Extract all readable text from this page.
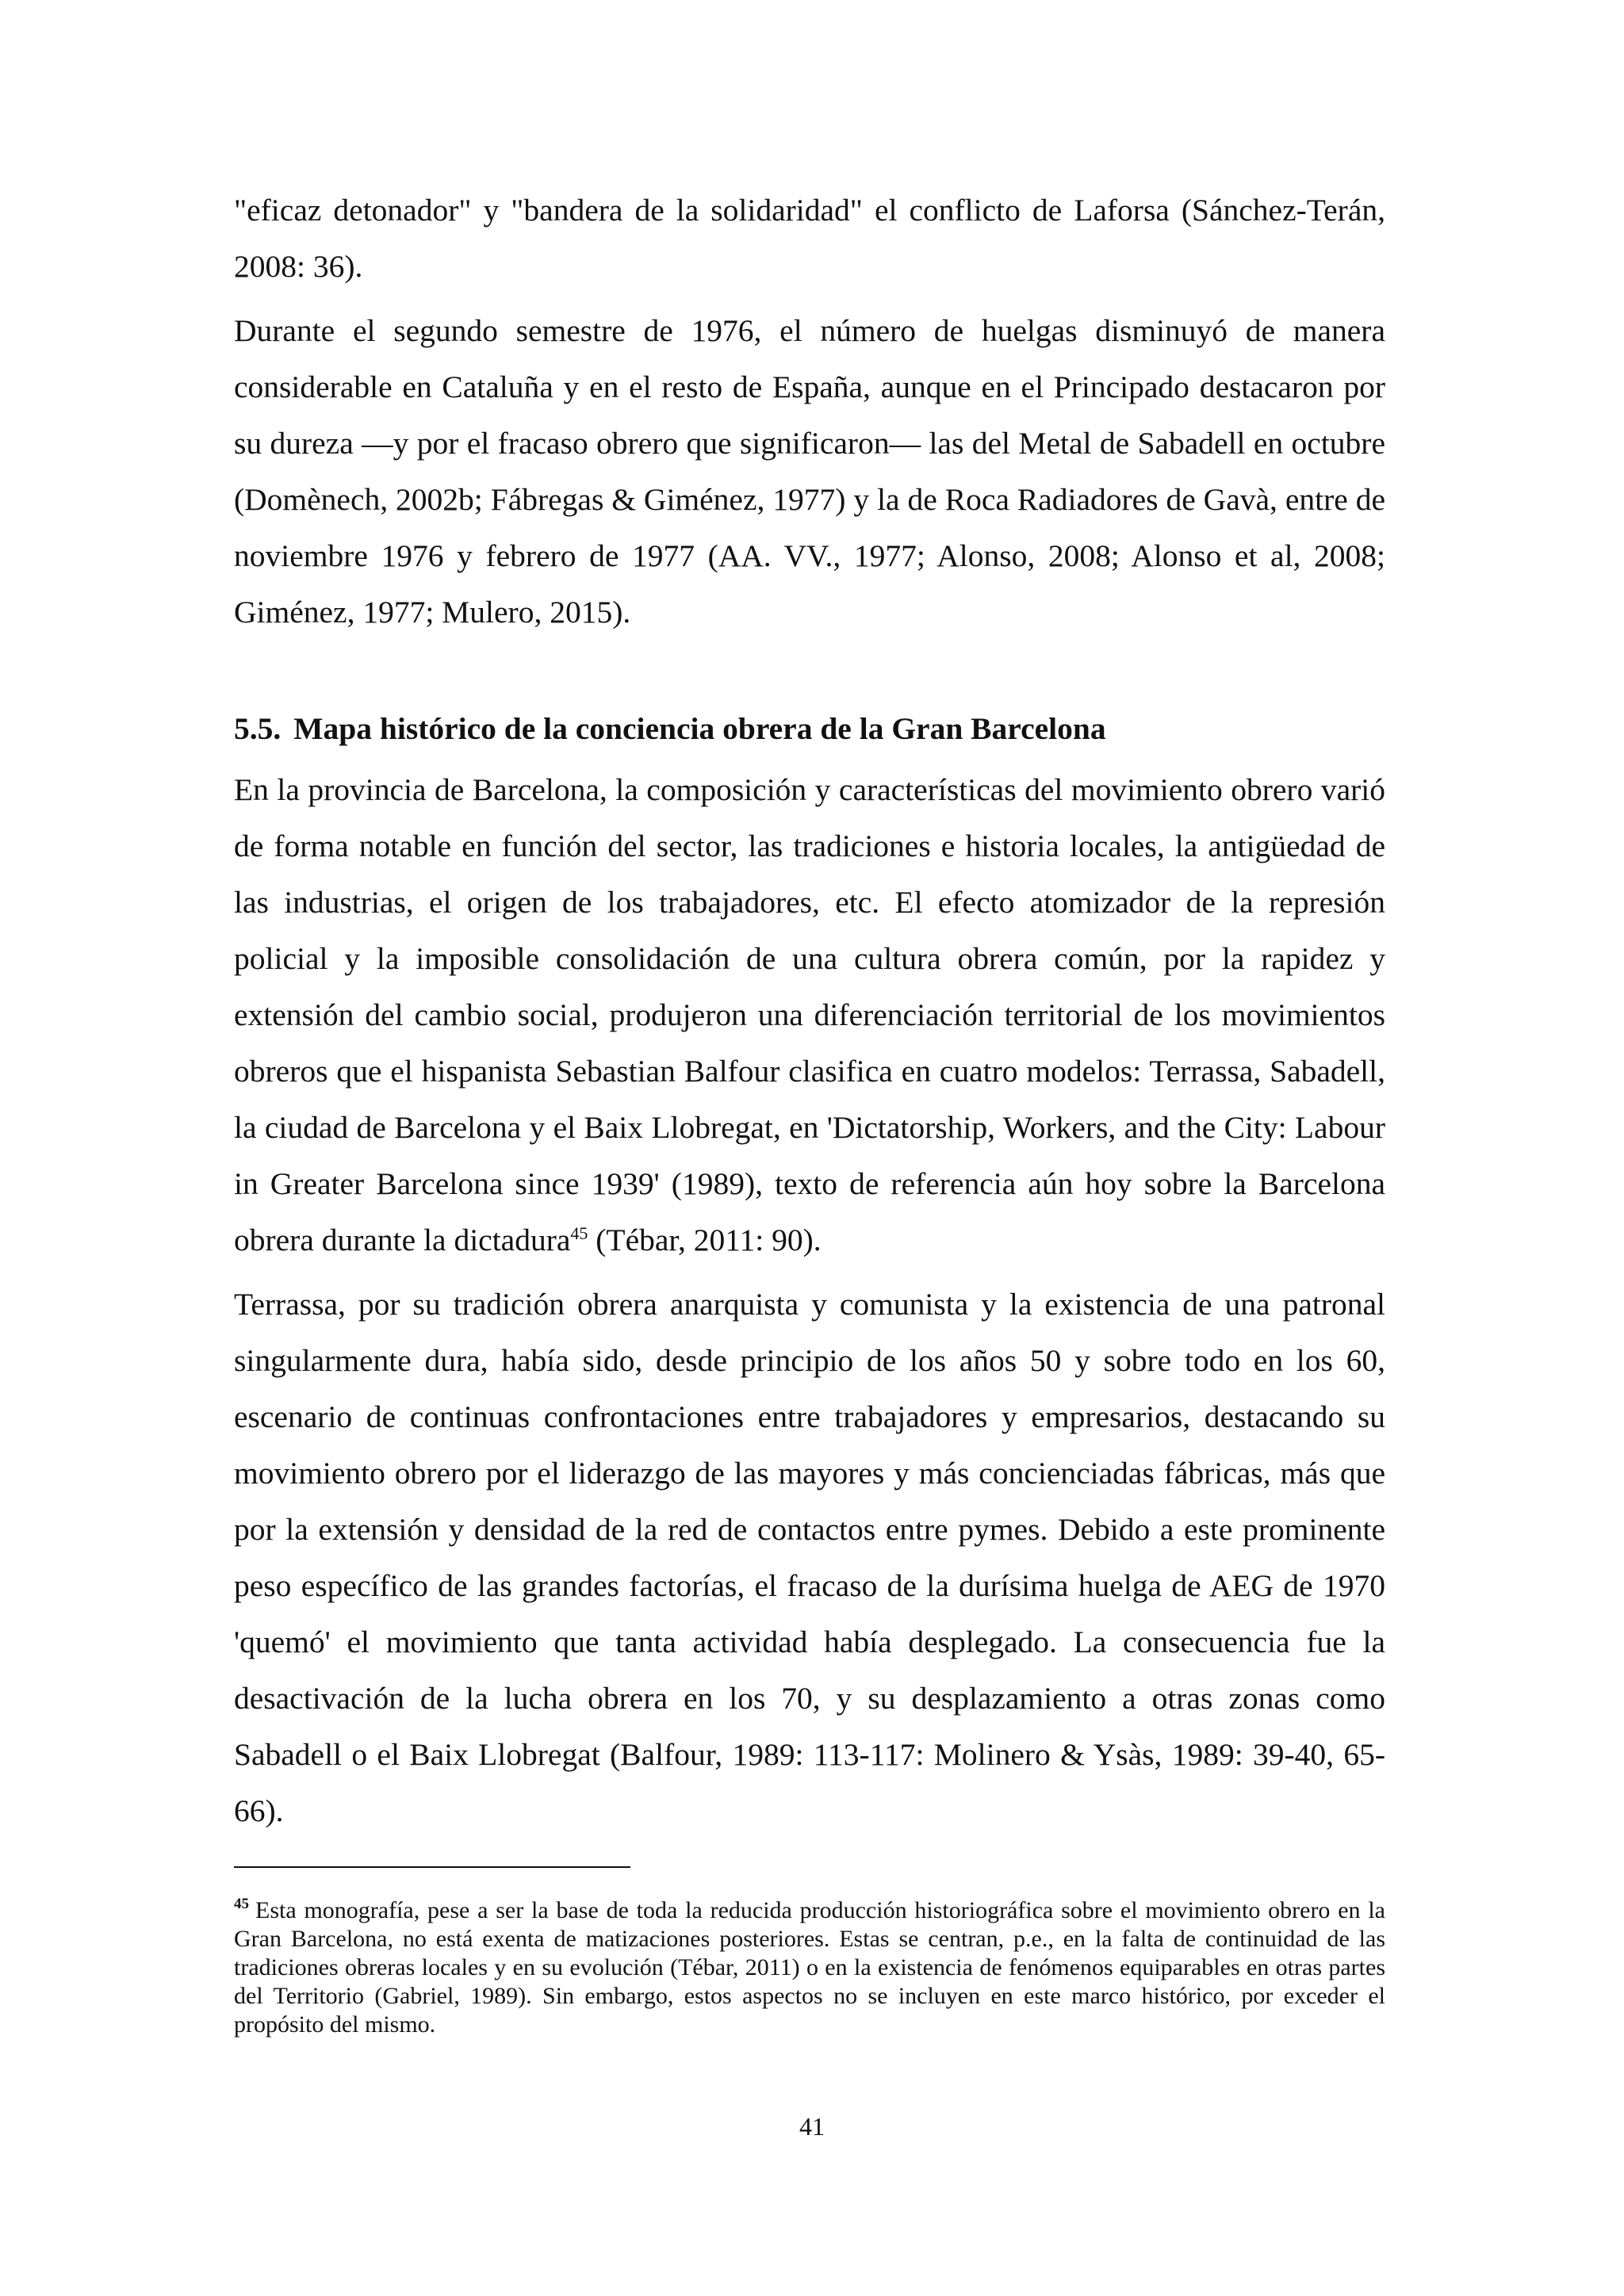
"eficaz detonador" y "bandera de la solidaridad" el conflicto de Laforsa (Sánchez-Terán, 2008: 36).

Durante el segundo semestre de 1976, el número de huelgas disminuyó de manera considerable en Cataluña y en el resto de España, aunque en el Principado destacaron por su dureza —y por el fracaso obrero que significaron— las del Metal de Sabadell en octubre (Domènech, 2002b; Fábregas & Giménez, 1977) y la de Roca Radiadores de Gavà, entre de noviembre 1976 y febrero de 1977 (AA. VV., 1977; Alonso, 2008; Alonso et al, 2008; Giménez, 1977; Mulero, 2015).

5.5. Mapa histórico de la conciencia obrera de la Gran Barcelona

En la provincia de Barcelona, la composición y características del movimiento obrero varió de forma notable en función del sector, las tradiciones e historia locales, la antigüedad de las industrias, el origen de los trabajadores, etc. El efecto atomizador de la represión policial y la imposible consolidación de una cultura obrera común, por la rapidez y extensión del cambio social, produjeron una diferenciación territorial de los movimientos obreros que el hispanista Sebastian Balfour clasifica en cuatro modelos: Terrassa, Sabadell, la ciudad de Barcelona y el Baix Llobregat, en 'Dictatorship, Workers, and the City: Labour in Greater Barcelona since 1939' (1989), texto de referencia aún hoy sobre la Barcelona obrera durante la dictadura$^{45}$ (Tébar, 2011: 90).

Terrassa, por su tradición obrera anarquista y comunista y la existencia de una patronal singularmente dura, había sido, desde principio de los años 50 y sobre todo en los 60, escenario de continuas confrontaciones entre trabajadores y empresarios, destacando su movimiento obrero por el liderazgo de las mayores y más concienciadas fábricas, más que por la extensión y densidad de la red de contactos entre pymes. Debido a este prominente peso específico de las grandes factorías, el fracaso de la durísima huelga de AEG de 1970 'quemó' el movimiento que tanta actividad había desplegado. La consecuencia fue la desactivación de la lucha obrera en los 70, y su desplazamiento a otras zonas como Sabadell o el Baix Llobregat (Balfour, 1989: 113-117: Molinero & Ysàs, 1989: 39-40, 65-66).

$^{45}$ Esta monografía, pese a ser la base de toda la reducida producción historiográfica sobre el movimiento obrero en la Gran Barcelona, no está exenta de matizaciones posteriores. Estas se centran, p.e., en la falta de continuidad de las tradiciones obreras locales y en su evolución (Tébar, 2011) o en la existencia de fenómenos equiparables en otras partes del Territorio (Gabriel, 1989). Sin embargo, estos aspectos no se incluyen en este marco histórico, por exceder el propósito del mismo.

41
